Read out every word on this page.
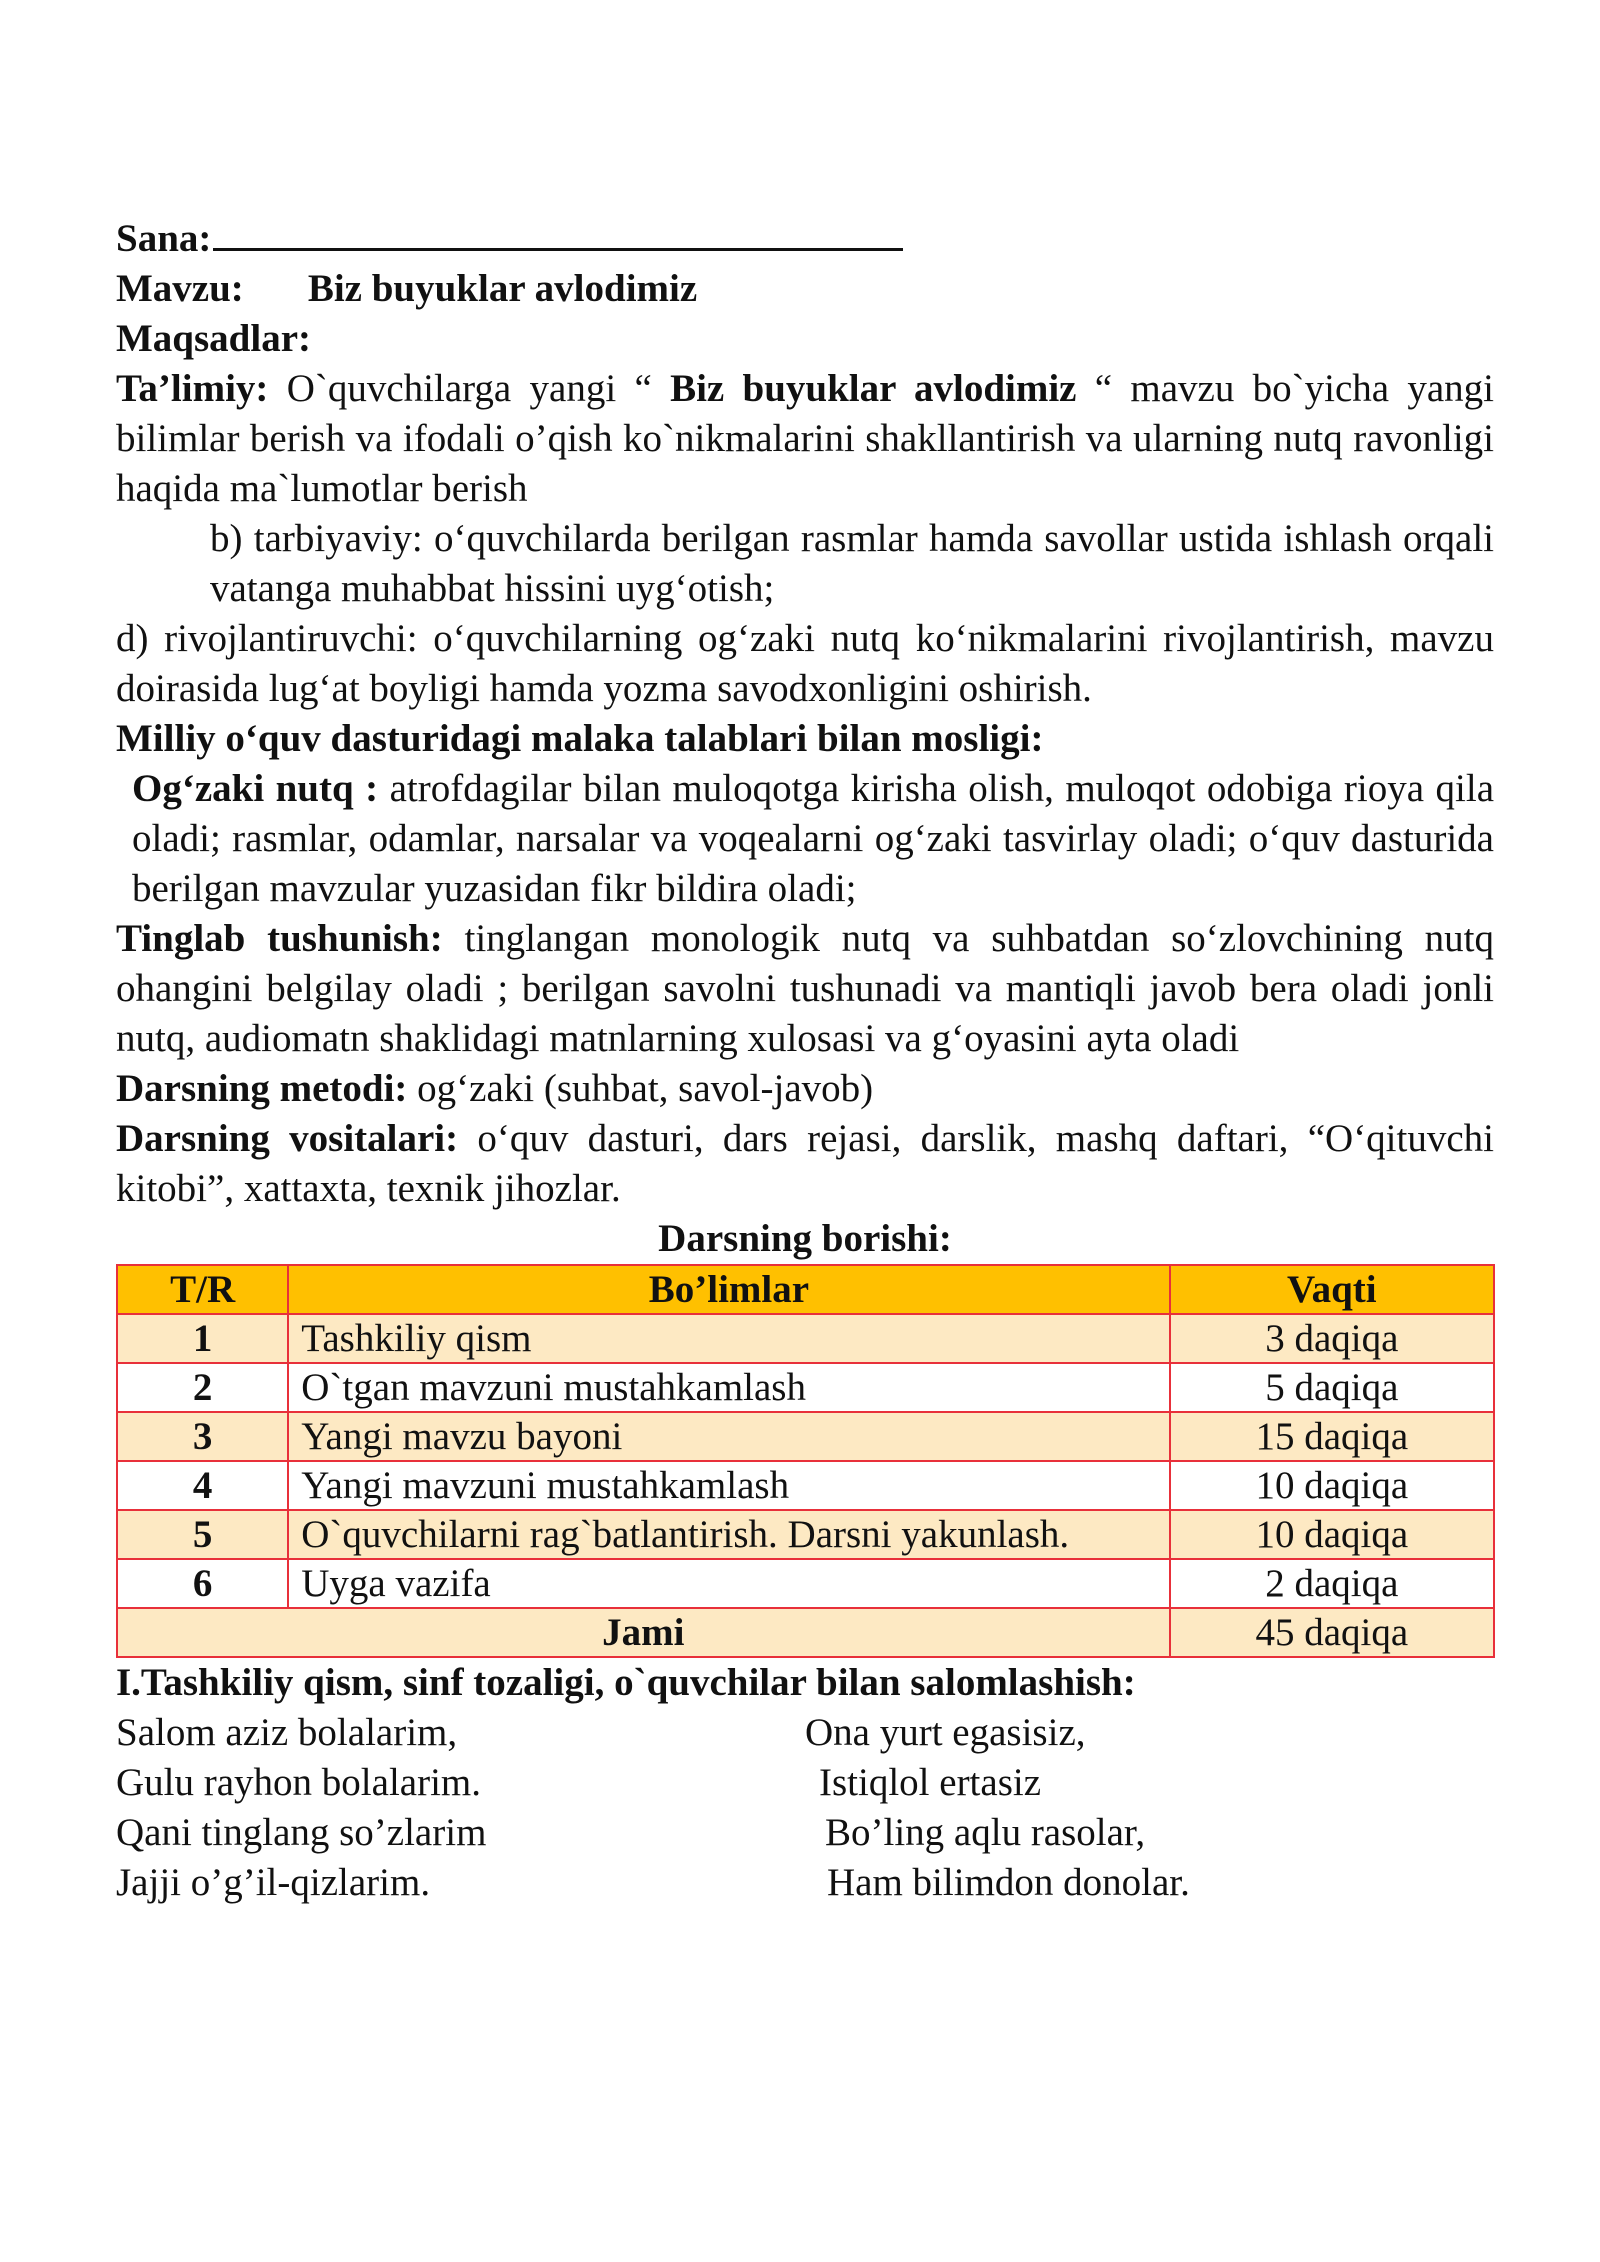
Sana:

Mavzu: Biz buyuklar avlodimiz

Maqsadlar:

Ta’limiy: O`quvchilarga yangi “ Biz buyuklar avlodimiz “ mavzu bo`yicha yangi bilimlar berish va ifodali o’qish ko`nikmalarini shakllantirish va ularning nutq ravonligi haqida ma`lumotlar berish

b) tarbiyaviy: o‘quvchilarda berilgan rasmlar hamda savollar ustida ishlash orqali vatanga muhabbat hissini uyg‘otish;

d) rivojlantiruvchi: o‘quvchilarning og‘zaki nutq ko‘nikmalarini rivojlantirish, mavzu doirasida lug‘at boyligi hamda yozma savodxonligini oshirish.

Milliy o‘quv dasturidagi malaka talablari bilan mosligi:

Og‘zaki nutq : atrofdagilar bilan muloqotga kirisha olish, muloqot odobiga rioya qila oladi; rasmlar, odamlar, narsalar va voqealarni og‘zaki tasvirlay oladi; o‘quv dasturida berilgan mavzular yuzasidan fikr bildira oladi;

Tinglab tushunish: tinglangan monologik nutq va suhbatdan so‘zlovchining nutq ohangini belgilay oladi ; berilgan savolni tushunadi va mantiqli javob bera oladi jonli nutq, audiomatn shaklidagi matnlarning xulosasi va g‘oyasini ayta oladi

Darsning metodi: og‘zaki (suhbat, savol-javob)

Darsning vositalari: o‘quv dasturi, dars rejasi, darslik, mashq daftari, “O‘qituvchi kitobi”, xattaxta, texnik jihozlar.

Darsning borishi:

T/R	Bo’limlar	Vaqti
1	Tashkiliy qism	3 daqiqa
2	O`tgan mavzuni mustahkamlash	5 daqiqa
3	Yangi mavzu bayoni	15 daqiqa
4	Yangi mavzuni mustahkamlash	10 daqiqa
5	O`quvchilarni rag`batlantirish. Darsni yakunlash.	10 daqiqa
6	Uyga vazifa	2 daqiqa
Jami		45 daqiqa

I.Tashkiliy qism, sinf tozaligi, o`quvchilar bilan salomlashish:

Salom aziz bolalarim,

Gulu rayhon bolalarim.

Qani tinglang so’zlarim

Jajji o’g’il-qizlarim.

Ona yurt egasisiz,

Istiqlol ertasiz

Bo’ling aqlu rasolar,

Ham bilimdon donolar.
